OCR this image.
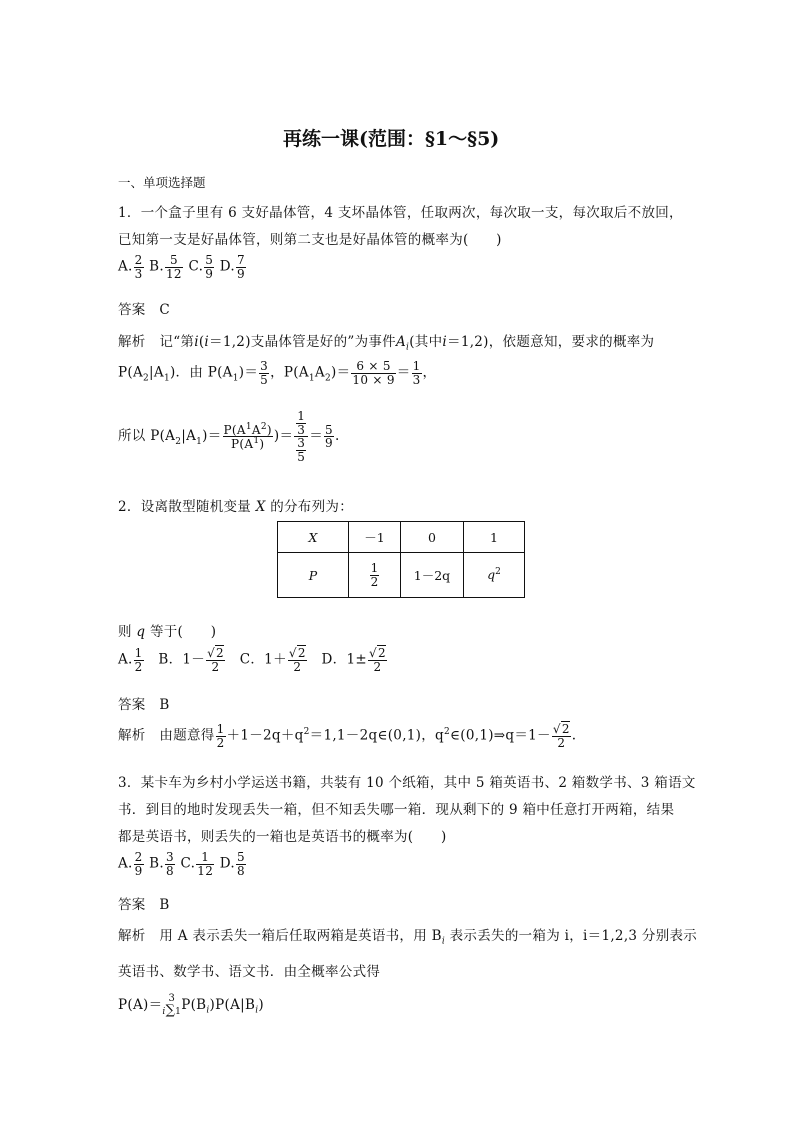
再练一课(范围：§1～§5)
一、单项选择题
1．一个盒子里有 6 支好晶体管，4 支坏晶体管，任取两次，每次取一支，每次取后不放回，
已知第一支是好晶体管，则第二支也是好晶体管的概率为(　　)
A. $\frac{2}{3} B$. $\frac{5}{12} C$. $\frac{5}{9} D$. $\frac{7}{9}$
答案　C
解析　记“第i(i＝1,2)支晶体管是好的”为事件$A_i$(其中i＝1,2)，依题意知，要求的概率为
$P(A_2|A_1)$．由 $P(A_1)= \frac{3}{5}$ ，$P(A_1A_2)= \frac{6 \times 5}{10 \times 9} = \frac{1}{3}$ ，
所以 $P(A_2|A_1)= \frac{P(A^1A^2)}{P(A^1)}$ )＝ $\frac{\frac{1}{3}}{\frac{3}{5}} = \frac{5}{9}$ .
2．设离散型随机变量 X 的分布列为：
X	－1	0	1
P	$\frac{1}{2}$	1－2q	$q^2$
则 q 等于(　　)
A. $\frac{1}{2}$ B．$1- \frac{√2}{2}$ C．$1+ \frac{√2}{2}$ D．$1\pm \frac{√2}{2}$
答案　B
解析　由题意得 $\frac{1}{2}$ $+1-2q+q^2=1,1-2q\in(0,1)$，$q^2\in(0,1)\Rightarrow q=1- \frac{√2}{2}$ .
3．某卡车为乡村小学运送书籍，共装有 10 个纸箱，其中 5 箱英语书、2 箱数学书、3 箱语文
书．到目的地时发现丢失一箱，但不知丢失哪一箱．现从剩下的 9 箱中任意打开两箱，结果
都是英语书，则丢失的一箱也是英语书的概率为(　　)
A. $\frac{2}{9} B$. $\frac{3}{8} C$. $\frac{1}{12} D$. $\frac{5}{8}$
答案　B
解析　用 A 表示丢失一箱后任取两箱是英语书，用 $B_i$ 表示丢失的一箱为 i，i＝1,2,3 分别表示
英语书、数学书、语文书．由全概率公式得
P(A)＝ 3
i∑1 $P(B_i)P(A|B_i)$
